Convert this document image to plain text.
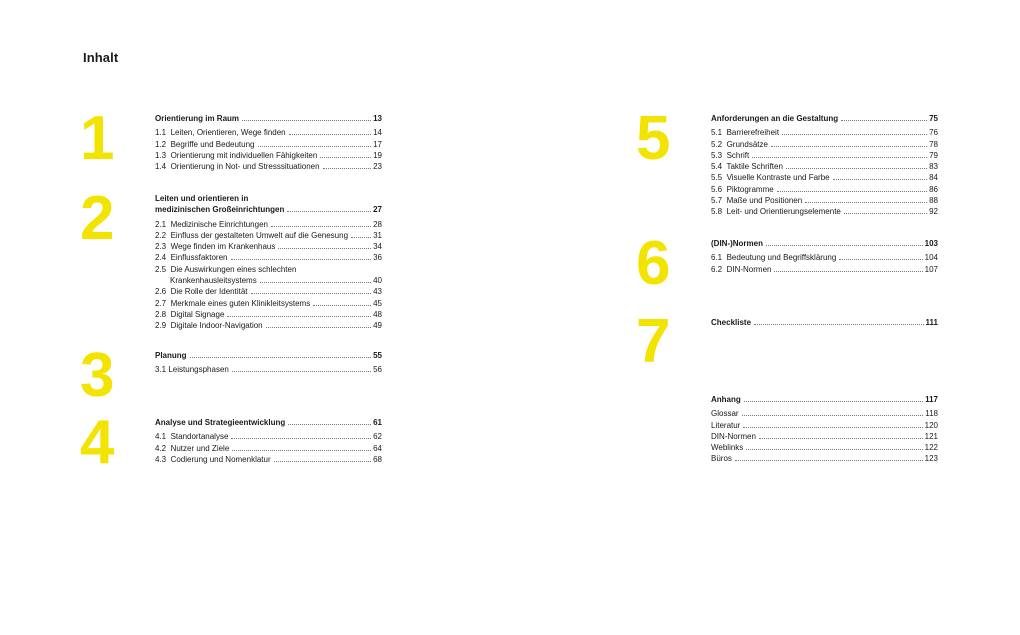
Inhalt
1	Orientierung im Raum	13
1.1 Leiten, Orientieren, Wege finden	14
1.2 Begriffe und Bedeutung	17
1.3 Orientierung mit individuellen Fähigkeiten	19
1.4 Orientierung in Not- und Stresssituationen	23
2	Leiten und orientieren in
medizinischen Großeinrichtungen	27
2.1 Medizinische Einrichtungen	28
2.2 Einfluss der gestalteten Umwelt auf die Genesung	31
2.3 Wege finden im Krankenhaus	34
2.4 Einflussfaktoren	36
2.5 Die Auswirkungen eines schlechten
Krankenhausleitsystems	40
2.6 Die Rolle der Identität	43
2.7 Merkmale eines guten Klinikleitsystems	45
2.8 Digital Signage	48
2.9 Digitale Indoor-Navigation	49
3	Planung	55
3.1 Leistungsphasen	56
4	Analyse und Strategieentwicklung	61
4.1 Standortanalyse	62
4.2 Nutzer und Ziele	64
4.3 Codierung und Nomenklatur	68
5	Anforderungen an die Gestaltung	75
5.1 Barrierefreiheit	76
5.2 Grundsätze	78
5.3 Schrift	79
5.4 Taktile Schriften	83
5.5 Visuelle Kontraste und Farbe	84
5.6 Piktogramme	86
5.7 Maße und Positionen	88
5.8 Leit- und Orientierungselemente	92
6	(DIN-)Normen	103
6.1 Bedeutung und Begriffsklärung	104
6.2 DIN-Normen	107
7	Checkliste	111
Anhang	117
Glossar	118
Literatur	120
DIN-Normen	121
Weblinks	122
Büros	123
